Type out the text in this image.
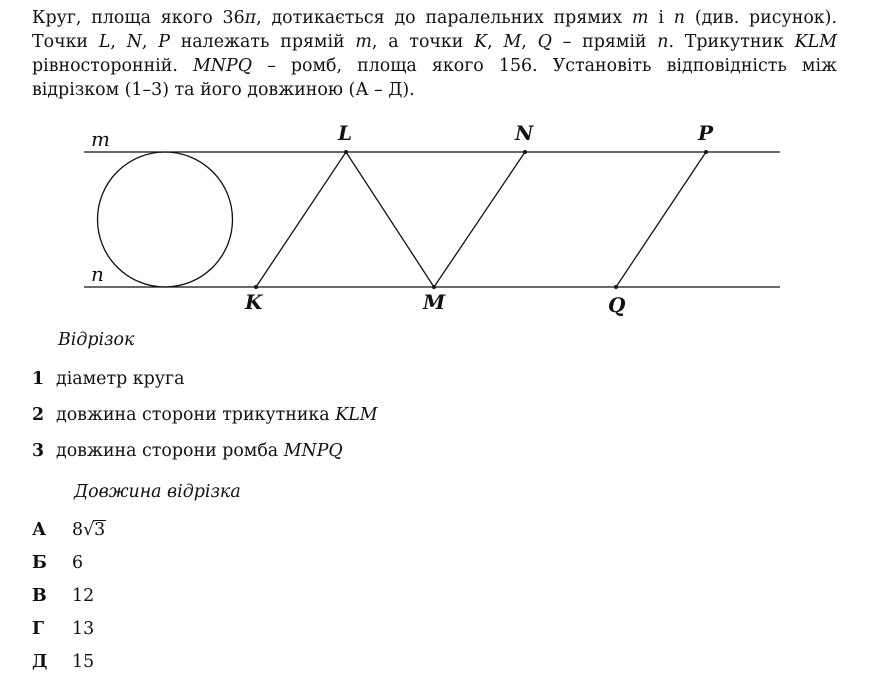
Круг, площа якого 36π, дотикається до паралельних прямих m і n (див. рисунок).
Точки L, N, P належать прямій m, а точки K, M, Q – прямій n. Трикутник KLM
рівносторонній. MNPQ – ромб, площа якого 156. Установіть відповідність між
відрізком (1–3) та його довжиною (А – Д).
m
n
L	N	P
K	M	Q
Відрізок
1 діаметр круга
2 довжина сторони трикутника KLM
3 довжина сторони ромба MNPQ
Довжина відрізка
А 8√3
Б 6
В 12
Г 13
Д 15
